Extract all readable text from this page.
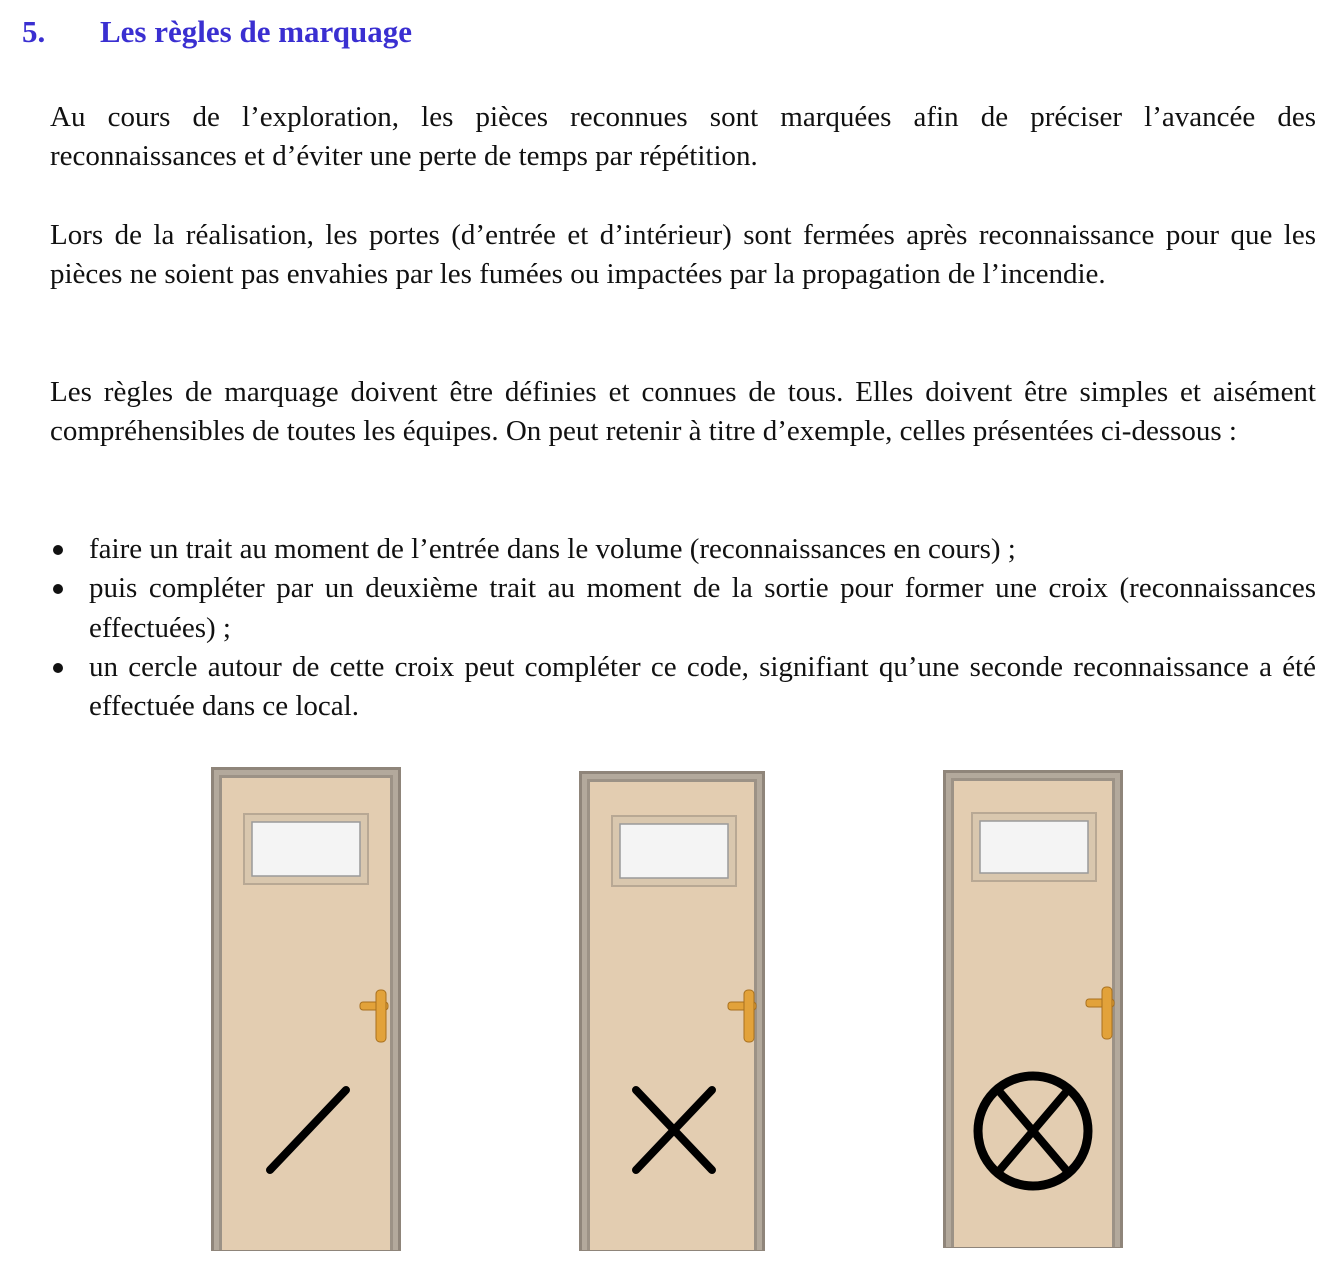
5. Les règles de marquage

Au cours de l’exploration, les pièces reconnues sont marquées afin de préciser l’avancée des reconnaissances et d’éviter une perte de temps par répétition.

Lors de la réalisation, les portes (d’entrée et d’intérieur) sont fermées après reconnaissance pour que les pièces ne soient pas envahies par les fumées ou impactées par la propagation de l’incendie.

Les règles de marquage doivent être définies et connues de tous. Elles doivent être simples et aisément compréhensibles de toutes les équipes. On peut retenir à titre d’exemple, celles présentées ci-dessous :

faire un trait au moment de l’entrée dans le volume (reconnaissances en cours) ;
puis compléter par un deuxième trait au moment de la sortie pour former une croix (reconnaissances effectuées) ;
un cercle autour de cette croix peut compléter ce code, signifiant qu’une seconde reconnaissance a été effectuée dans ce local.
